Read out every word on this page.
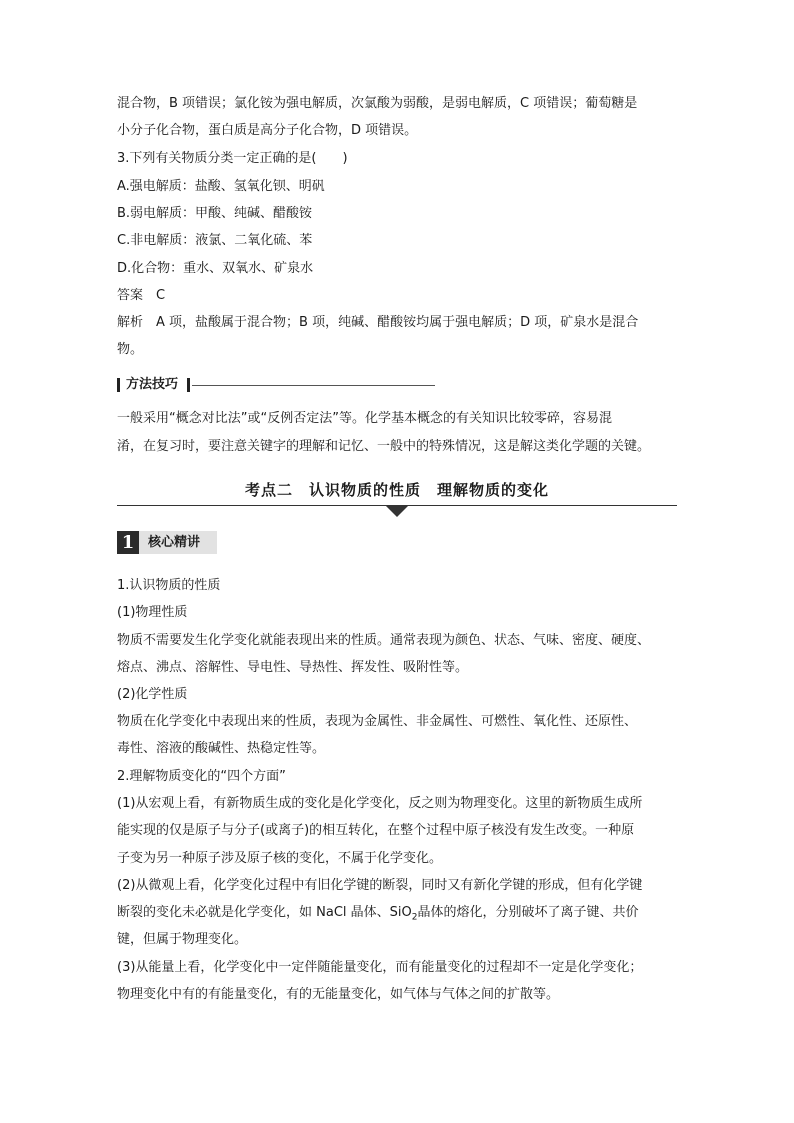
混合物，B 项错误；氯化铵为强电解质，次氯酸为弱酸，是弱电解质，C 项错误；葡萄糖是
小分子化合物，蛋白质是高分子化合物，D 项错误。
3.下列有关物质分类一定正确的是(　　)
A.强电解质：盐酸、氢氧化钡、明矾
B.弱电解质：甲酸、纯碱、醋酸铵
C.非电解质：液氯、二氧化硫、苯
D.化合物：重水、双氧水、矿泉水
答案　C
解析　A 项，盐酸属于混合物；B 项，纯碱、醋酸铵均属于强电解质；D 项，矿泉水是混合
物。
方法技巧
一般采用“概念对比法”或“反例否定法”等。化学基本概念的有关知识比较零碎，容易混
淆，在复习时，要注意关键字的理解和记忆、一般中的特殊情况，这是解这类化学题的关键。
考点二　认识物质的性质　理解物质的变化
1	核心精讲
1.认识物质的性质
(1)物理性质
物质不需要发生化学变化就能表现出来的性质。通常表现为颜色、状态、气味、密度、硬度、
熔点、沸点、溶解性、导电性、导热性、挥发性、吸附性等。
(2)化学性质
物质在化学变化中表现出来的性质，表现为金属性、非金属性、可燃性、氧化性、还原性、
毒性、溶液的酸碱性、热稳定性等。
2.理解物质变化的“四个方面”
(1)从宏观上看，有新物质生成的变化是化学变化，反之则为物理变化。这里的新物质生成所
能实现的仅是原子与分子(或离子)的相互转化，在整个过程中原子核没有发生改变。一种原
子变为另一种原子涉及原子核的变化，不属于化学变化。
(2)从微观上看，化学变化过程中有旧化学键的断裂，同时又有新化学键的形成，但有化学键
断裂的变化未必就是化学变化，如 NaCl 晶体、SiO$_2$晶体的熔化，分别破坏了离子键、共价
键，但属于物理变化。
(3)从能量上看，化学变化中一定伴随能量变化，而有能量变化的过程却不一定是化学变化；
物理变化中有的有能量变化，有的无能量变化，如气体与气体之间的扩散等。
